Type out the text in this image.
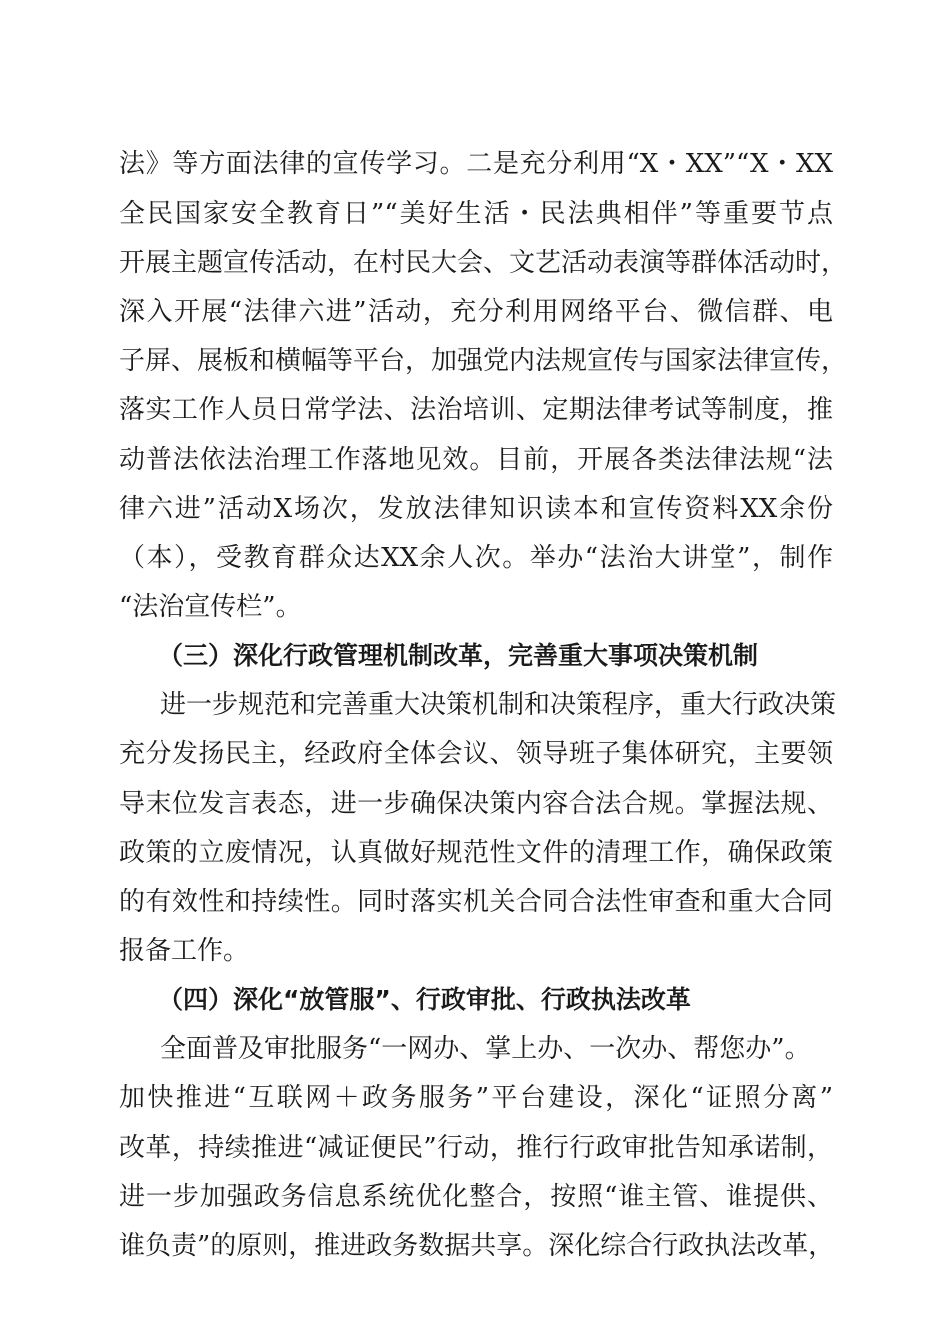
法》等方面法律的宣传学习。二是充分利用“X・XX”“X・XX
全民国家安全教育日”“美好生活・民法典相伴”等重要节点
开展主题宣传活动，在村民大会、文艺活动表演等群体活动时，
深入开展“法律六进”活动，充分利用网络平台、微信群、电
子屏、展板和横幅等平台，加强党内法规宣传与国家法律宣传，
落实工作人员日常学法、法治培训、定期法律考试等制度，推
动普法依法治理工作落地见效。目前，开展各类法律法规“法
律六进”活动X场次，发放法律知识读本和宣传资料XX余份
（本），受教育群众达XX余人次。举办“法治大讲堂”，制作
“法治宣传栏”。
（三）深化行政管理机制改革，完善重大事项决策机制
进一步规范和完善重大决策机制和决策程序，重大行政决策
充分发扬民主，经政府全体会议、领导班子集体研究，主要领
导末位发言表态，进一步确保决策内容合法合规。掌握法规、
政策的立废情况，认真做好规范性文件的清理工作，确保政策
的有效性和持续性。同时落实机关合同合法性审查和重大合同
报备工作。
（四）深化“放管服”、行政审批、行政执法改革
全面普及审批服务“一网办、掌上办、一次办、帮您办”。
加快推进“互联网＋政务服务”平台建设，深化“证照分离”
改革，持续推进“减证便民”行动，推行行政审批告知承诺制，
进一步加强政务信息系统优化整合，按照“谁主管、谁提供、
谁负责”的原则，推进政务数据共享。深化综合行政执法改革，
